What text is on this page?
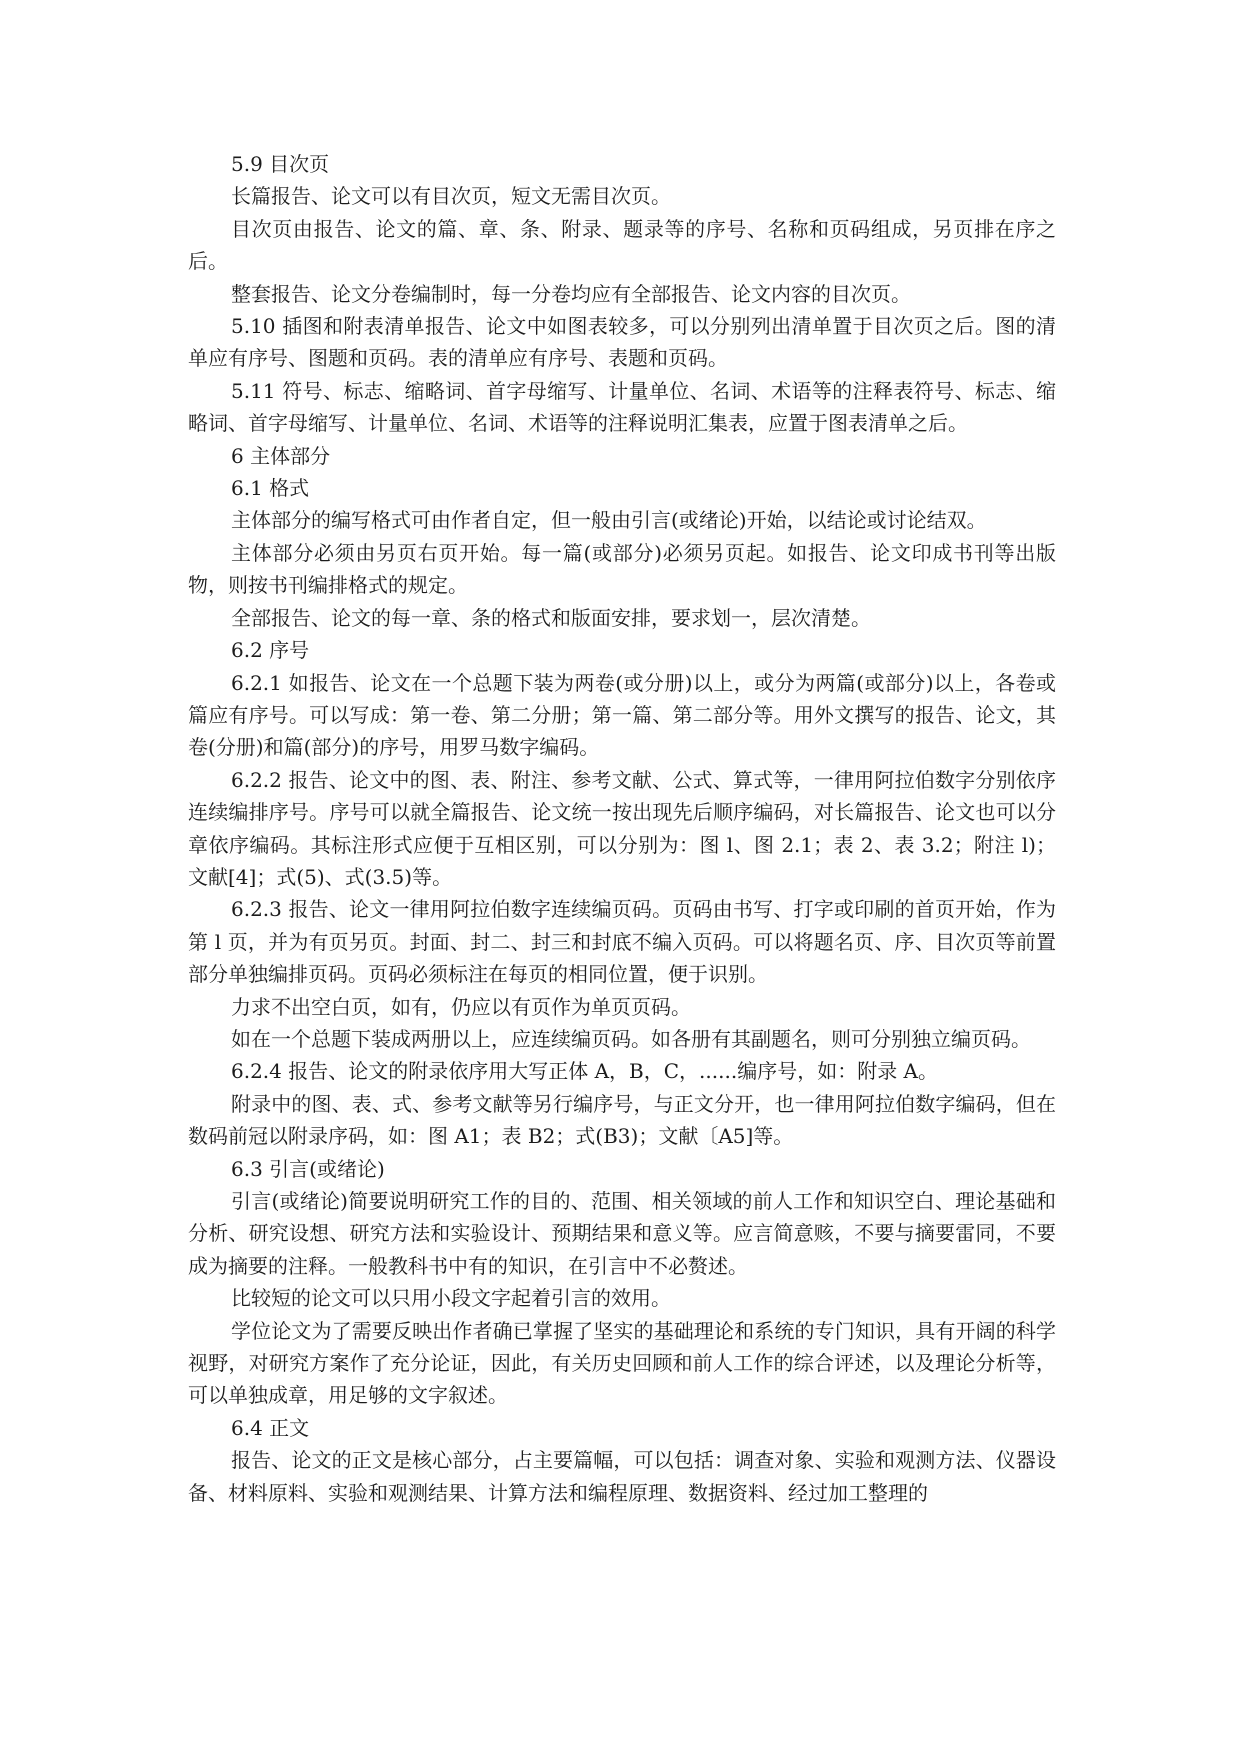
5.9 目次页

长篇报告、论文可以有目次页，短文无需目次页。

目次页由报告、论文的篇、章、条、附录、题录等的序号、名称和页码组成，另页排在序之后。

整套报告、论文分卷编制时，每一分卷均应有全部报告、论文内容的目次页。

5.10 插图和附表清单报告、论文中如图表较多，可以分别列出清单置于目次页之后。图的清单应有序号、图题和页码。表的清单应有序号、表题和页码。

5.11 符号、标志、缩略词、首字母缩写、计量单位、名词、术语等的注释表符号、标志、缩略词、首字母缩写、计量单位、名词、术语等的注释说明汇集表，应置于图表清单之后。

6 主体部分

6.1 格式

主体部分的编写格式可由作者自定，但一般由引言(或绪论)开始，以结论或讨论结双。

主体部分必须由另页右页开始。每一篇(或部分)必须另页起。如报告、论文印成书刊等出版物，则按书刊编排格式的规定。

全部报告、论文的每一章、条的格式和版面安排，要求划一，层次清楚。

6.2 序号

6.2.1 如报告、论文在一个总题下装为两卷(或分册)以上，或分为两篇(或部分)以上，各卷或篇应有序号。可以写成：第一卷、第二分册；第一篇、第二部分等。用外文撰写的报告、论文，其卷(分册)和篇(部分)的序号，用罗马数字编码。

6.2.2 报告、论文中的图、表、附注、参考文献、公式、算式等，一律用阿拉伯数字分别依序连续编排序号。序号可以就全篇报告、论文统一按出现先后顺序编码，对长篇报告、论文也可以分章依序编码。其标注形式应便于互相区别，可以分别为：图 l、图 2.1；表 2、表 3.2；附注 l)；文献[4]；式(5)、式(3.5)等。

6.2.3 报告、论文一律用阿拉伯数字连续编页码。页码由书写、打字或印刷的首页开始，作为第 l 页，并为有页另页。封面、封二、封三和封底不编入页码。可以将题名页、序、目次页等前置部分单独编排页码。页码必须标注在每页的相同位置，便于识别。

力求不出空白页，如有，仍应以有页作为单页页码。

如在一个总题下装成两册以上，应连续编页码。如各册有其副题名，则可分别独立编页码。

6.2.4 报告、论文的附录依序用大写正体 A，B，C，......编序号，如：附录 A。

附录中的图、表、式、参考文献等另行编序号，与正文分开，也一律用阿拉伯数字编码，但在数码前冠以附录序码，如：图 A1；表 B2；式(B3)；文献〔A5]等。

6.3 引言(或绪论)

引言(或绪论)简要说明研究工作的目的、范围、相关领域的前人工作和知识空白、理论基础和分析、研究设想、研究方法和实验设计、预期结果和意义等。应言简意赅，不要与摘要雷同，不要成为摘要的注释。一般教科书中有的知识，在引言中不必赘述。

比较短的论文可以只用小段文字起着引言的效用。

学位论文为了需要反映出作者确已掌握了坚实的基础理论和系统的专门知识，具有开阔的科学视野，对研究方案作了充分论证，因此，有关历史回顾和前人工作的综合评述，以及理论分析等，可以单独成章，用足够的文字叙述。

6.4 正文

报告、论文的正文是核心部分，占主要篇幅，可以包括：调查对象、实验和观测方法、仪器设备、材料原料、实验和观测结果、计算方法和编程原理、数据资料、经过加工整理的
